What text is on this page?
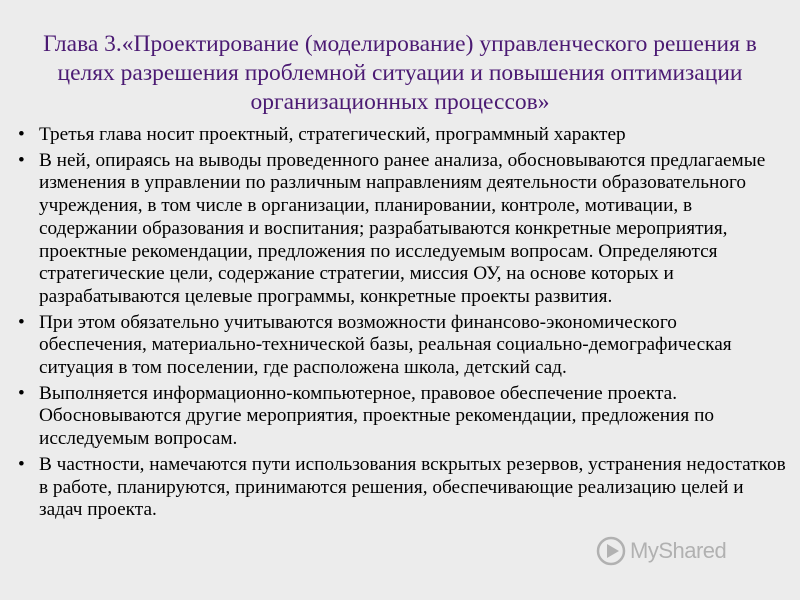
Глава 3.«Проектирование (моделирование) управленческого решения в целях разрешения проблемной ситуации и повышения оптимизации организационных процессов»
• Третья глава носит проектный, стратегический, программный характер
• В ней, опираясь на выводы проведенного ранее анализа, обосновываются предлагаемые изменения в управлении по различным направлениям деятельности образовательного учреждения, в том числе в организации, планировании, контроле, мотивации, в содержании образования и воспитания; разрабатываются конкретные мероприятия, проектные рекомендации, предложения по исследуемым вопросам. Определяются стратегические цели, содержание стратегии, миссия ОУ, на основе которых и разрабатываются целевые программы, конкретные проекты развития.
• При этом обязательно учитываются возможности финансово-экономического обеспечения, материально-технической базы, реальная социально-демографическая ситуация в том поселении, где расположена школа, детский сад.
• Выполняется информационно-компьютерное, правовое обеспечение проекта. Обосновываются другие мероприятия, проектные рекомендации, предложения по исследуемым вопросам.
• В частности, намечаются пути использования вскрытых резервов, устранения недостатков в работе, планируются, принимаются решения, обеспечивающие реализацию целей и задач проекта.
MyShared
